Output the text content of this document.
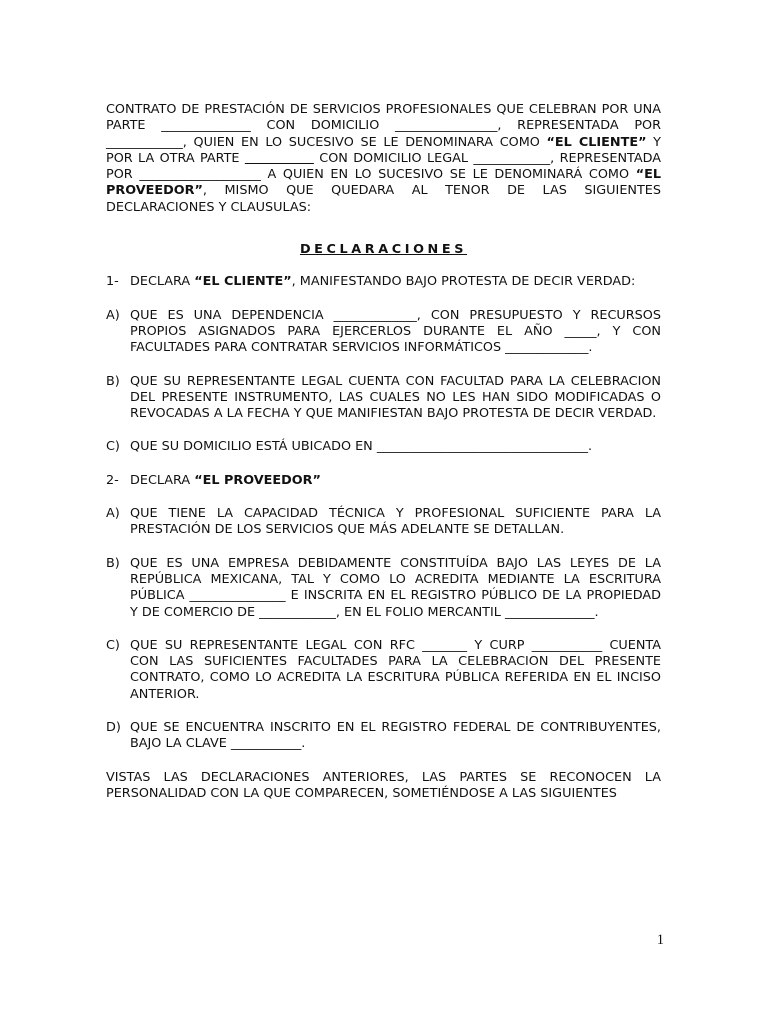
CONTRATO DE PRESTACIÓN DE SERVICIOS PROFESIONALES QUE CELEBRAN POR UNA PARTE ______________ CON DOMICILIO ________________, REPRESENTADA POR ____________, QUIEN EN LO SUCESIVO SE LE DENOMINARA COMO “EL CLIENTE” Y POR LA OTRA PARTE	CON DOMICILIO LEGAL ____________, REPRESENTADA POR ___________________ A QUIEN EN LO SUCESIVO SE LE DENOMINARÁ COMO “EL PROVEEDOR”, MISMO QUE QUEDARA AL TENOR DE LAS SIGUIENTES DECLARACIONES Y CLAUSULAS:

DECLARACIONES
1- DECLARA “EL CLIENTE”, MANIFESTANDO BAJO PROTESTA DE DECIR VERDAD:
A) QUE ES UNA DEPENDENCIA _____________, CON PRESUPUESTO Y RECURSOS PROPIOS ASIGNADOS PARA EJERCERLOS DURANTE EL AÑO _____, Y CON FACULTADES PARA CONTRATAR SERVICIOS INFORMÁTICOS _____________.
B) QUE SU REPRESENTANTE LEGAL CUENTA CON FACULTAD PARA LA CELEBRACION DEL PRESENTE INSTRUMENTO, LAS CUALES NO LES HAN SIDO MODIFICADAS O REVOCADAS A LA FECHA Y QUE MANIFIESTAN BAJO PROTESTA DE DECIR VERDAD.
C) QUE SU DOMICILIO ESTÁ UBICADO EN _________________________________.
2- DECLARA “EL PROVEEDOR”
A) QUE TIENE LA CAPACIDAD TÉCNICA Y PROFESIONAL SUFICIENTE PARA LA PRESTACIÓN DE LOS SERVICIOS QUE MÁS ADELANTE SE DETALLAN.
B) QUE ES UNA EMPRESA DEBIDAMENTE CONSTITUÍDA BAJO LAS LEYES DE LA REPÚBLICA MEXICANA, TAL Y COMO LO ACREDITA MEDIANTE LA ESCRITURA PÚBLICA _______________ E INSCRITA EN EL REGISTRO PÚBLICO DE LA PROPIEDAD Y DE COMERCIO DE ____________, EN EL FOLIO MERCANTIL ______________.
C) QUE SU REPRESENTANTE LEGAL CON RFC _______ Y CURP ___________ CUENTA CON LAS SUFICIENTES FACULTADES PARA LA CELEBRACION DEL PRESENTE CONTRATO, COMO LO ACREDITA LA ESCRITURA PÚBLICA REFERIDA EN EL INCISO ANTERIOR.
D) QUE SE ENCUENTRA INSCRITO EN EL REGISTRO FEDERAL DE CONTRIBUYENTES, BAJO LA CLAVE ___________.

VISTAS LAS DECLARACIONES ANTERIORES, LAS PARTES SE RECONOCEN LA PERSONALIDAD CON LA QUE COMPARECEN, SOMETIÉNDOSE A LAS SIGUIENTES

1
